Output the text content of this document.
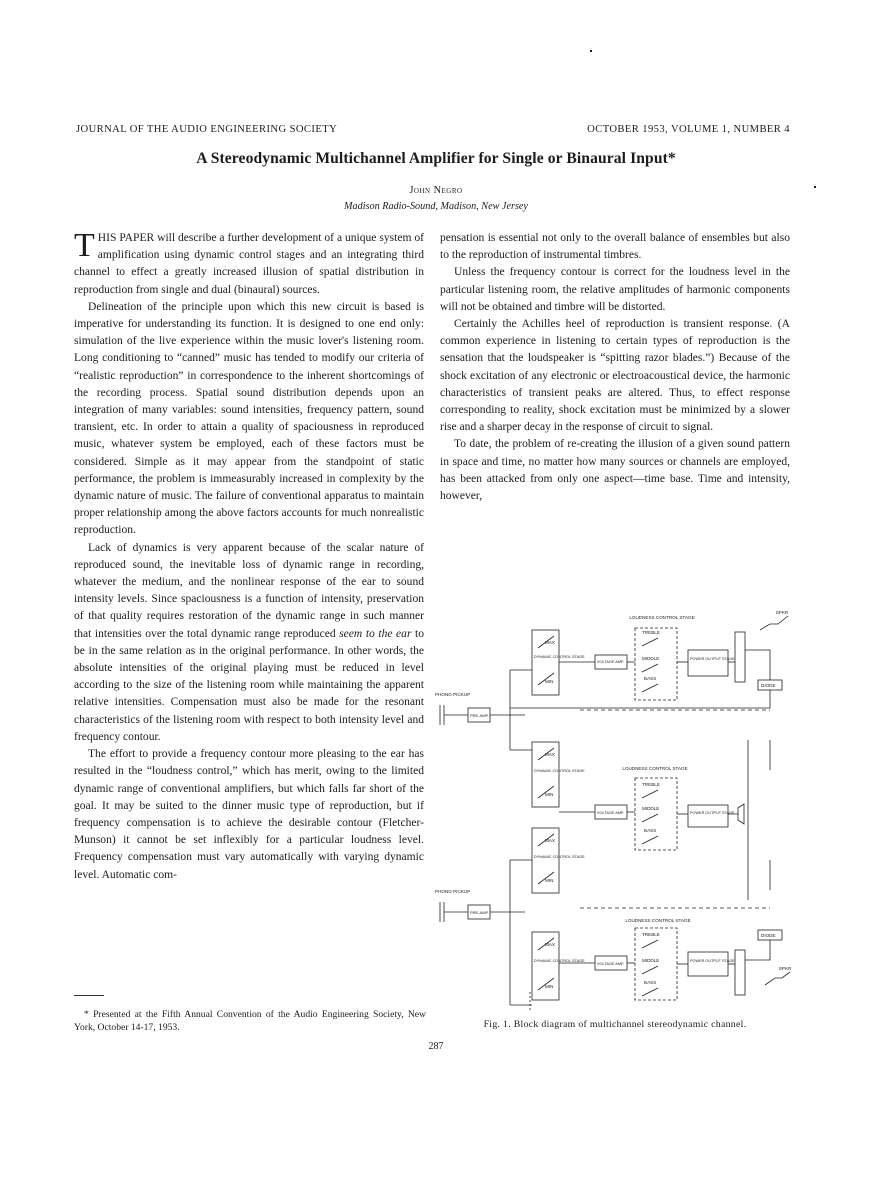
JOURNAL OF THE AUDIO ENGINEERING SOCIETY	OCTOBER 1953, VOLUME 1, NUMBER 4
A Stereodynamic Multichannel Amplifier for Single or Binaural Input*
John Negro
Madison Radio-Sound, Madison, New Jersey

THIS PAPER will describe a further development of a unique system of amplification using dynamic control stages and an integrating third channel to effect a greatly increased illusion of spatial distribution in reproduction from single and dual (binaural) sources.

Delineation of the principle upon which this new circuit is based is imperative for understanding its function. It is designed to one end only: simulation of the live experience within the music lover's listening room. Long conditioning to “canned” music has tended to modify our criteria of “realistic reproduction” in correspondence to the inherent shortcomings of the recording process. Spatial sound distribution depends upon an integration of many variables: sound intensities, frequency pattern, sound transient, etc. In order to attain a quality of spaciousness in reproduced music, whatever system be employed, each of these factors must be considered. Simple as it may appear from the standpoint of static performance, the problem is immeasurably increased in complexity by the dynamic nature of music. The failure of conventional apparatus to maintain proper relationship among the above factors accounts for much nonrealistic reproduction.

Lack of dynamics is very apparent because of the scalar nature of reproduced sound, the inevitable loss of dynamic range in recording, whatever the medium, and the nonlinear response of the ear to sound intensity levels. Since spaciousness is a function of intensity, preservation of that quality requires restoration of the dynamic range in such manner that intensities over the total dynamic range reproduced seem to the ear to be in the same relation as in the original performance. In other words, the absolute intensities of the original playing must be reduced in level according to the size of the listening room while maintaining the apparent relative intensities. Compensation must also be made for the resonant characteristics of the listening room with respect to both intensity level and frequency contour.

The effort to provide a frequency contour more pleasing to the ear has resulted in the “loudness control,” which has merit, owing to the limited dynamic range of conventional amplifiers, but which falls far short of the goal. It may be suited to the dinner music type of reproduction, but if frequency compensation is to achieve the desirable contour (Fletcher-Munson) it cannot be set inflexibly for a particular loudness level. Frequency compensation must vary automatically with varying dynamic level. Automatic com-

* Presented at the Fifth Annual Convention of the Audio Engineering Society, New York, October 14-17, 1953.

pensation is essential not only to the overall balance of ensembles but also to the reproduction of instrumental timbres.

Unless the frequency contour is correct for the loudness level in the particular listening room, the relative amplitudes of harmonic components will not be obtained and timbre will be distorted.

Certainly the Achilles heel of reproduction is transient response. (A common experience in listening to certain types of reproduction is the sensation that the loudspeaker is “spitting razor blades.”) Because of the shock excitation of any electronic or electroacoustical device, the harmonic characteristics of transient peaks are altered. Thus, to effect response corresponding to reality, shock excitation must be minimized by a slower rise and a sharper decay in the response of circuit to signal.

To date, the problem of re-creating the illusion of a given sound pattern in space and time, no matter how many sources or channels are employed, has been attacked from only one aspect—time base. Time and intensity, however,

LOUDNESS CONTROL STAGE
MAX
MIN
DYNAMIC CONTROL STAGE
VOLTAGE AMP.
TREBLE
MIDDLE
BASS
POWER OUTPUT STAGE
SPKR
DIODE
PHONO PICKUP
PRE-AMP.
MAX
MIN
DYNAMIC CONTROL STAGE	LOUDNESS CONTROL STAGE
VOLTAGE AMP.
TREBLE
MIDDLE
BASS
POWER OUTPUT STAGE
MAX
MIN
DYNAMIC CONTROL STAGE
PHONO PICKUP
PRE-AMP.
MAX
MIN
DYNAMIC CONTROL STAGE
LOUDNESS CONTROL STAGE
VOLTAGE AMP.
TREBLE
MIDDLE
BASS
POWER OUTPUT STAGE
DIODE
SPKR
Fig. 1. Block diagram of multichannel stereodynamic channel.
287
